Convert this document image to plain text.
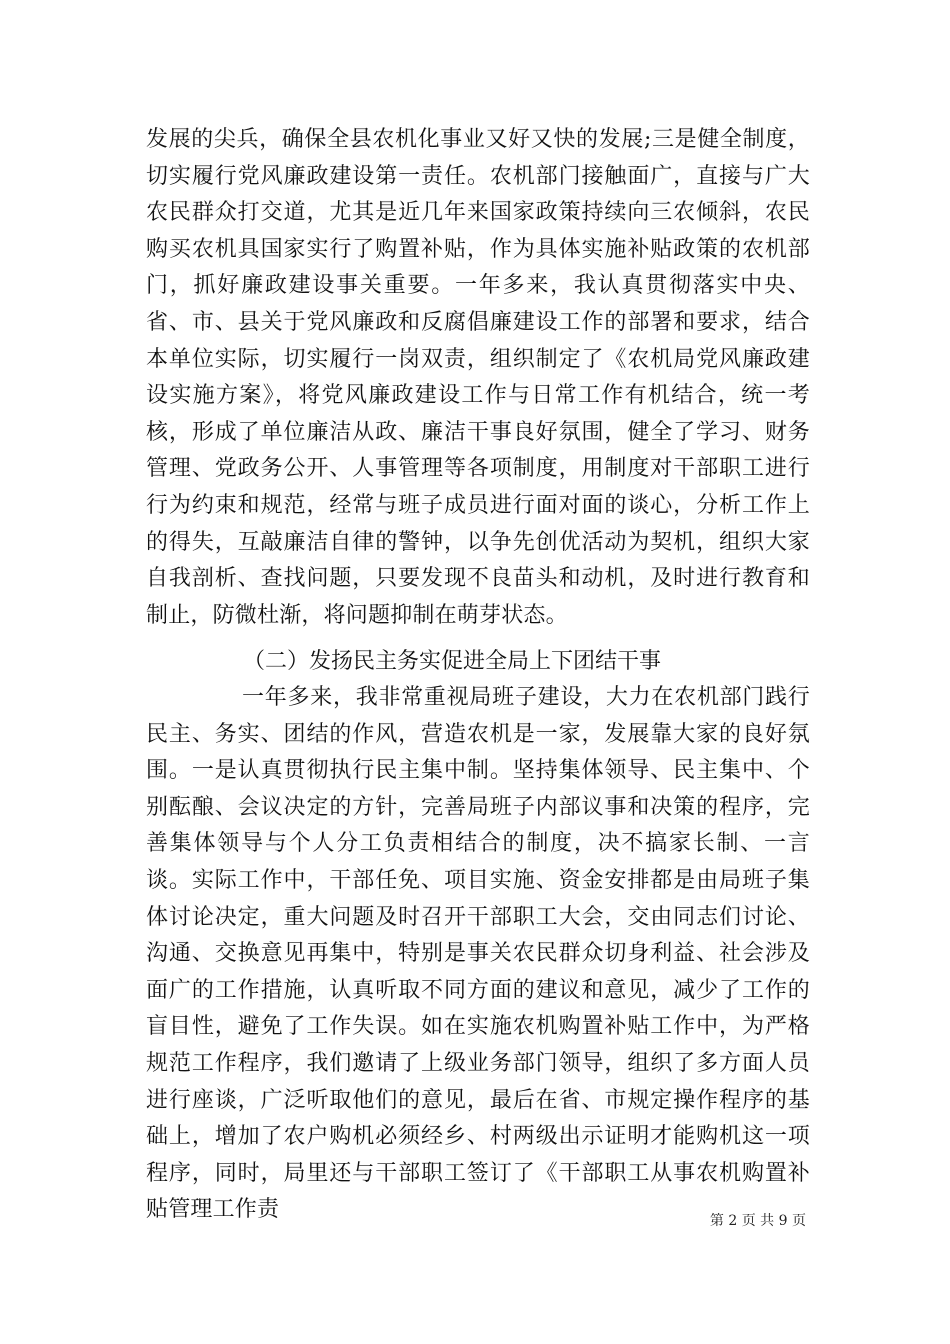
发展的尖兵，确保全县农机化事业又好又快的发展;三是健全制度，切实履行党风廉政建设第一责任。农机部门接触面广，直接与广大农民群众打交道，尤其是近几年来国家政策持续向三农倾斜，农民购买农机具国家实行了购置补贴，作为具体实施补贴政策的农机部门，抓好廉政建设事关重要。一年多来，我认真贯彻落实中央、省、市、县关于党风廉政和反腐倡廉建设工作的部署和要求，结合本单位实际，切实履行一岗双责，组织制定了《农机局党风廉政建设实施方案》，将党风廉政建设工作与日常工作有机结合，统一考核，形成了单位廉洁从政、廉洁干事良好氛围，健全了学习、财务管理、党政务公开、人事管理等各项制度，用制度对干部职工进行行为约束和规范，经常与班子成员进行面对面的谈心，分析工作上的得失，互敲廉洁自律的警钟，以争先创优活动为契机，组织大家自我剖析、查找问题，只要发现不良苗头和动机，及时进行教育和制止，防微杜渐，将问题抑制在萌芽状态。

（二）发扬民主务实促进全局上下团结干事

一年多来，我非常重视局班子建设，大力在农机部门践行民主、务实、团结的作风，营造农机是一家，发展靠大家的良好氛围。一是认真贯彻执行民主集中制。坚持集体领导、民主集中、个别酝酿、会议决定的方针，完善局班子内部议事和决策的程序，完善集体领导与个人分工负责相结合的制度，决不搞家长制、一言谈。实际工作中，干部任免、项目实施、资金安排都是由局班子集体讨论决定，重大问题及时召开干部职工大会，交由同志们讨论、沟通、交换意见再集中，特别是事关农民群众切身利益、社会涉及面广的工作措施，认真听取不同方面的建议和意见，减少了工作的盲目性，避免了工作失误。如在实施农机购置补贴工作中，为严格规范工作程序，我们邀请了上级业务部门领导，组织了多方面人员进行座谈，广泛听取他们的意见，最后在省、市规定操作程序的基础上，增加了农户购机必须经乡、村两级出示证明才能购机这一项程序，同时，局里还与干部职工签订了《干部职工从事农机购置补贴管理工作责	第 2 页 共 9 页
